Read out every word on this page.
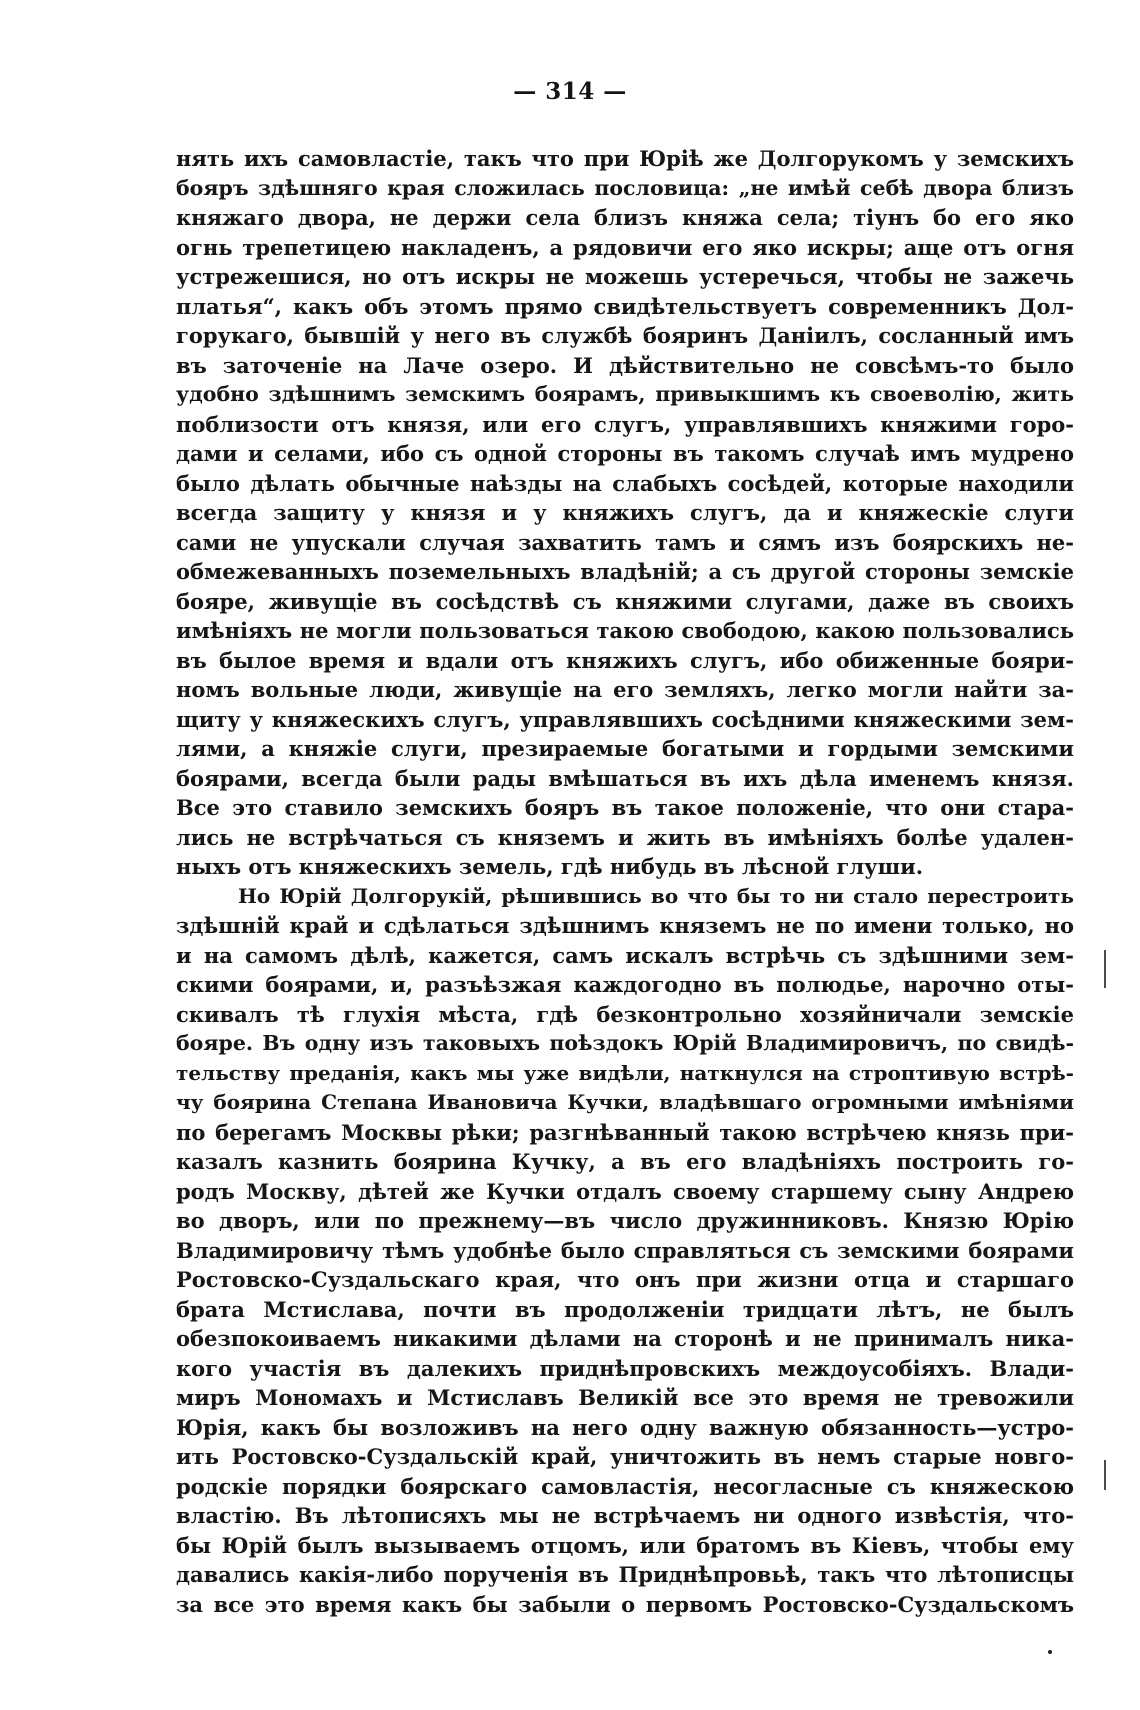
— 314 —
нять ихъ самовластіе, такъ что при Юріѣ же Долгорукомъ у земскихъ
бояръ здѣшняго края сложилась пословица: „не имѣй себѣ двора близъ
княжаго двора, не держи села близъ княжа села; тіунъ бо его яко
огнь трепетицею накладенъ, а рядовичи его яко искры; аще отъ огня
устрежешися, но отъ искры не можешь устеречься, чтобы не зажечь
платья“, какъ объ этомъ прямо свидѣтельствуетъ современникъ Дол-
горукаго, бывшій у него въ службѣ бояринъ Даніилъ, сосланный имъ
въ заточеніе на Лаче озеро. И дѣйствительно не совсѣмъ-то было
удобно здѣшнимъ земскимъ боярамъ, привыкшимъ къ своеволію, жить
поблизости отъ князя, или его слугъ, управлявшихъ княжими горо-
дами и селами, ибо съ одной стороны въ такомъ случаѣ имъ мудрено
было дѣлать обычные наѣзды на слабыхъ сосѣдей, которые находили
всегда защиту у князя и у княжихъ слугъ, да и княжескіе слуги
сами не упускали случая захватить тамъ и сямъ изъ боярскихъ не-
обмежеванныхъ поземельныхъ владѣній; а съ другой стороны земскіе
бояре, живущіе въ сосѣдствѣ съ княжими слугами, даже въ своихъ
имѣніяхъ не могли пользоваться такою свободою, какою пользовались
въ былое время и вдали отъ княжихъ слугъ, ибо обиженные бояри-
номъ вольные люди, живущіе на его земляхъ, легко могли найти за-
щиту у княжескихъ слугъ, управлявшихъ сосѣдними княжескими зем-
лями, а княжіе слуги, презираемые богатыми и гордыми земскими
боярами, всегда были рады вмѣшаться въ ихъ дѣла именемъ князя.
Все это ставило земскихъ бояръ въ такое положеніе, что они стара-
лись не встрѣчаться съ княземъ и жить въ имѣніяхъ болѣе удален-
ныхъ отъ княжескихъ земель, гдѣ нибудь въ лѣсной глуши.
Но Юрій Долгорукій, рѣшившись во что бы то ни стало перестроить
здѣшній край и сдѣлаться здѣшнимъ княземъ не по имени только, но
и на самомъ дѣлѣ, кажется, самъ искалъ встрѣчь съ здѣшними зем-
скими боярами, и, разъѣзжая каждогодно въ полюдье, нарочно оты-
скивалъ тѣ глухія мѣста, гдѣ безконтрольно хозяйничали земскіе
бояре. Въ одну изъ таковыхъ поѣздокъ Юрій Владимировичъ, по свидѣ-
тельству преданія, какъ мы уже видѣли, наткнулся на строптивую встрѣ-
чу боярина Степана Ивановича Кучки, владѣвшаго огромными имѣніями
по берегамъ Москвы рѣки; разгнѣванный такою встрѣчею князь при-
казалъ казнить боярина Кучку, а въ его владѣніяхъ построить го-
родъ Москву, дѣтей же Кучки отдалъ своему старшему сыну Андрею
во дворъ, или по прежнему—въ число дружинниковъ. Князю Юрію
Владимировичу тѣмъ удобнѣе было справляться съ земскими боярами
Ростовско-Суздальскаго края, что онъ при жизни отца и старшаго
брата Мстислава, почти въ продолженіи тридцати лѣтъ, не былъ
обезпокоиваемъ никакими дѣлами на сторонѣ и не принималъ ника-
кого участія въ далекихъ приднѣпровскихъ междоусобіяхъ. Влади-
миръ Мономахъ и Мстиславъ Великій все это время не тревожили
Юрія, какъ бы возложивъ на него одну важную обязанность—устро-
ить Ростовско-Суздальскій край, уничтожить въ немъ старые новго-
родскіе порядки боярскаго самовластія, несогласные съ княжескою
властію. Въ лѣтописяхъ мы не встрѣчаемъ ни одного извѣстія, что-
бы Юрій былъ вызываемъ отцомъ, или братомъ въ Кіевъ, чтобы ему
давались какія-либо порученія въ Приднѣпровьѣ, такъ что лѣтописцы
за все это время какъ бы забыли о первомъ Ростовско-Суздальскомъ
